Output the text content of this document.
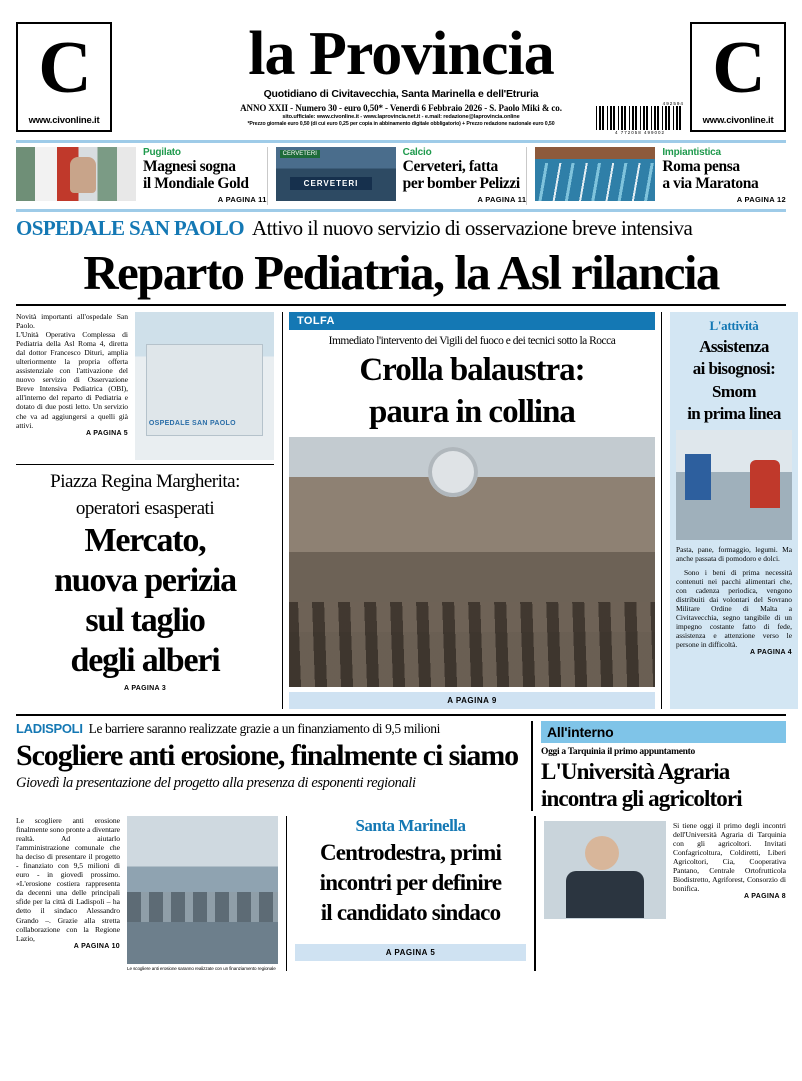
C
www.civonline.it
la Provincia
Quotidiano di Civitavecchia, Santa Marinella e dell'Etruria
ANNO XXII - Numero 30 - euro 0,50* - Venerdì 6 Febbraio 2026 - S. Paolo Miki & co.
sito.ufficiale: www.civonline.it - www.laprovincia.net.it - e.mail: redazione@laprovincia.online
*Prezzo giornale euro 0,50 (di cui euro 0,25 per copia in abbinamento digitale obbligatorio) + Prezzo redazione nazionale euro 0,50
492594
4 772058 499002
C
www.civonline.it
Pugilato
Magnesi sogna
il Mondiale Gold
A PAGINA 11
CERVETERI CERVETERI
Calcio
Cerveteri, fatta
per bomber Pelizzi
A PAGINA 11
Impiantistica
Roma pensa
a via Maratona
A PAGINA 12
OSPEDALE SAN PAOLO Attivo il nuovo servizio di osservazione breve intensiva
Reparto Pediatria, la Asl rilancia
Novità importanti all'ospedale San Paolo.
L'Unità Operativa Complessa di Pediatria della Asl Roma 4, diretta dal dottor Francesco Dituri, amplia ulteriormente la propria offerta assistenziale con l'attivazione del nuovo servizio di Osservazione Breve Intensiva Pediatrica (OBI), all'interno del reparto di Pediatria e dotato di due posti letto. Un servizio che va ad aggiungersi a quelli già attivi.
A PAGINA 5
OSPEDALE SAN PAOLO
Piazza Regina Margherita:
operatori esasperati
Mercato,
nuova perizia
sul taglio
degli alberi
A PAGINA 3
TOLFA
Immediato l'intervento dei Vigili del fuoco e dei tecnici sotto la Rocca
Crolla balaustra:
paura in collina
A PAGINA 9
L'attività
Assistenza
ai bisognosi:
Smom
in prima linea
Pasta, pane, formaggio, legumi. Ma anche passata di pomodoro e dolci.
Sono i beni di prima necessità contenuti nei pacchi alimentari che, con cadenza periodica, vengono distribuiti dai volontari del Sovrano Militare Ordine di Malta a Civitavecchia, segno tangibile di un impegno costante fatto di fede, assistenza e attenzione verso le persone in difficoltà.
A PAGINA 4
LADISPOLI Le barriere saranno realizzate grazie a un finanziamento di 9,5 milioni
Scogliere anti erosione, finalmente ci siamo
Giovedì la presentazione del progetto alla presenza di esponenti regionali
All'interno
Oggi a Tarquinia il primo appuntamento
L'Università Agraria
incontra gli agricoltori
Le scogliere anti erosione finalmente sono pronte a diventare realtà. Ad aiutarlo l'amministrazione comunale che ha deciso di presentare il progetto - finanziato con 9,5 milioni di euro - in giovedì prossimo. «L'erosione costiera rappresenta da decenni una delle principali sfide per la città di Ladispoli – ha detto il sindaco Alessandro Grando –. Grazie alla stretta collaborazione con la Regione Lazio,
A PAGINA 10
Le scogliere anti erosione saranno realizzate con un finanziamento regionale
Santa Marinella
Centrodestra, primi
incontri per definire
il candidato sindaco
A PAGINA 5
Si tiene oggi il primo degli incontri dell'Università Agraria di Tarquinia con gli agricoltori. Invitati Confagricoltura, Coldiretti, Liberi Agricoltori, Cia, Cooperativa Pantano, Centrale Ortofrutticola Biodistretto, Agriforest, Consorzio di bonifica.
A PAGINA 8
